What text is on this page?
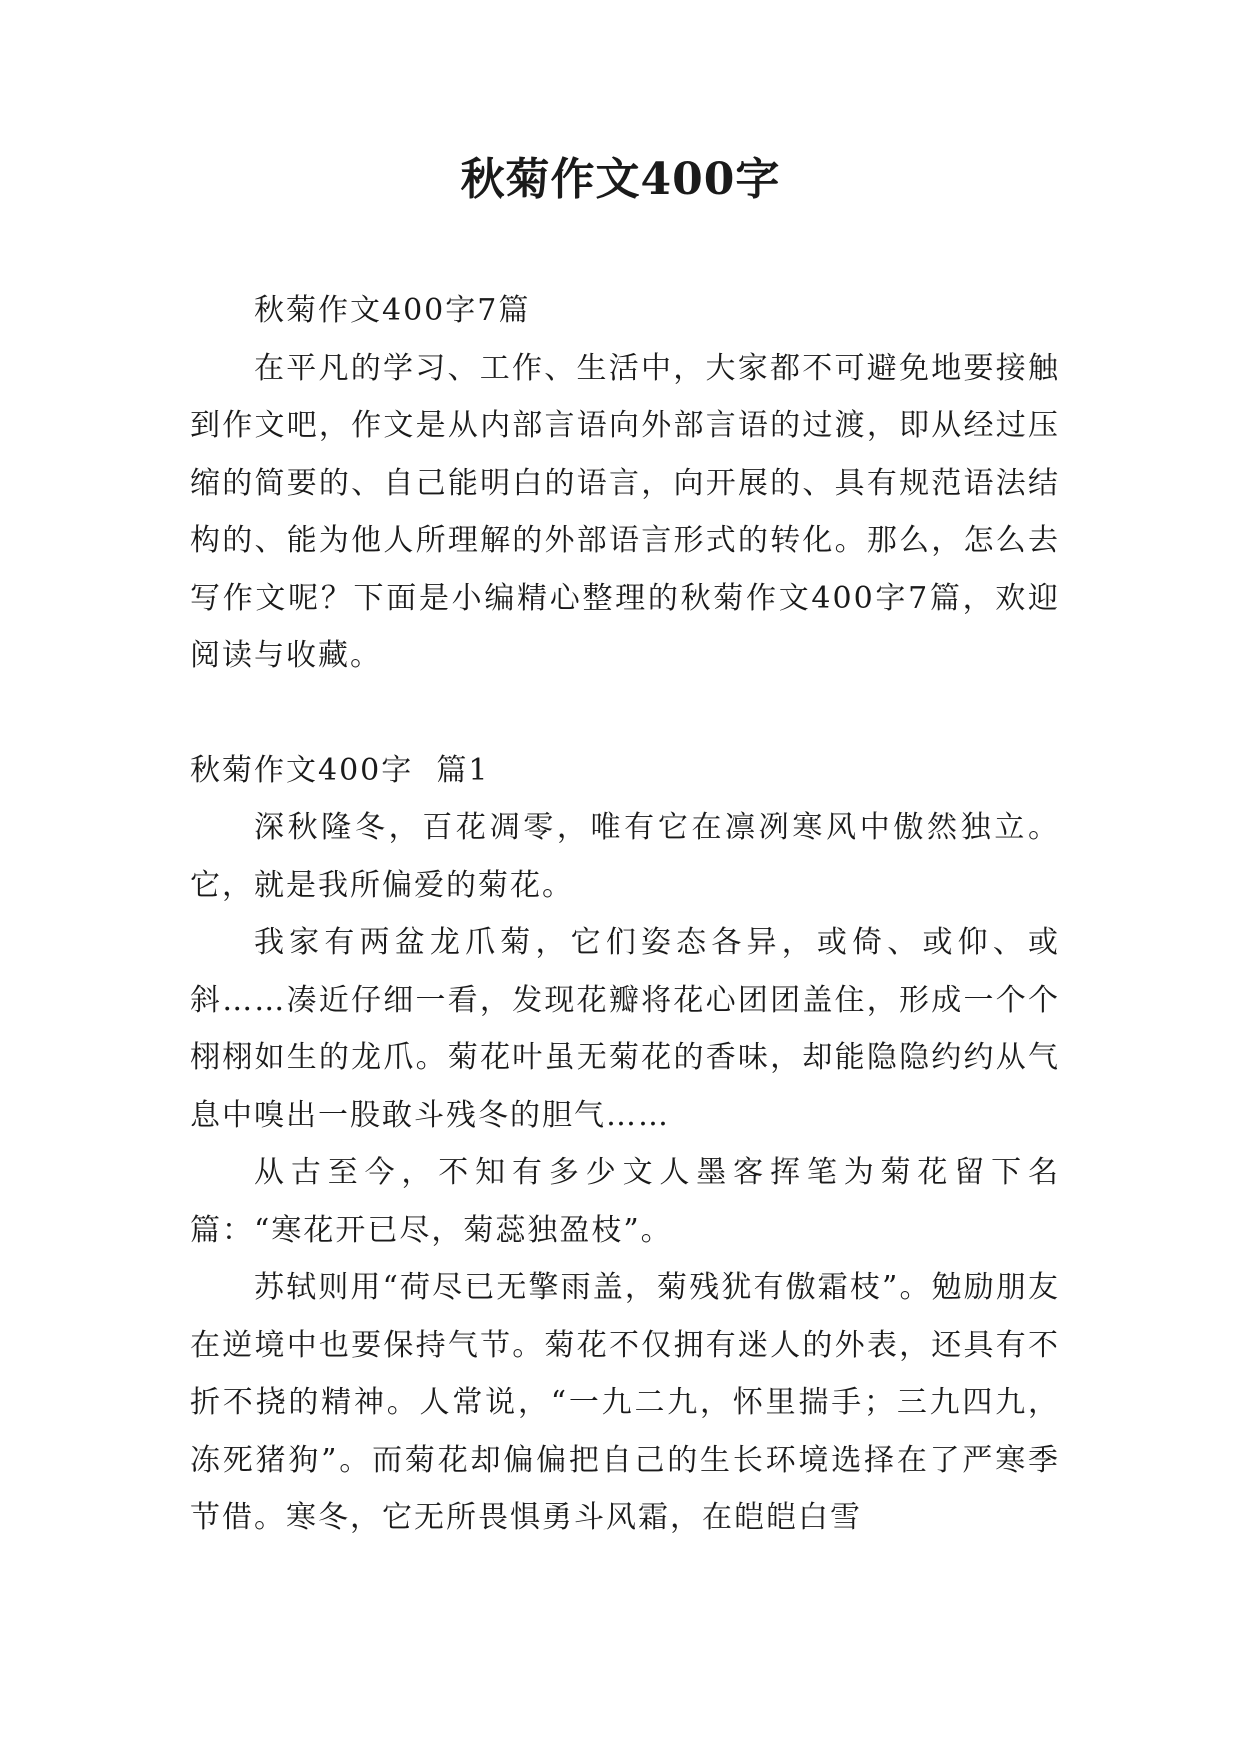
秋菊作文400字

秋菊作文400字7篇

在平凡的学习、工作、生活中，大家都不可避免地要接触到作文吧，作文是从内部言语向外部言语的过渡，即从经过压缩的简要的、自己能明白的语言，向开展的、具有规范语法结构的、能为他人所理解的外部语言形式的转化。那么，怎么去写作文呢？下面是小编精心整理的秋菊作文400字7篇，欢迎阅读与收藏。

秋菊作文400字  篇1

深秋隆冬，百花凋零，唯有它在凛冽寒风中傲然独立。它，就是我所偏爱的菊花。

我家有两盆龙爪菊，它们姿态各异，或倚、或仰、或斜……凑近仔细一看，发现花瓣将花心团团盖住，形成一个个栩栩如生的龙爪。菊花叶虽无菊花的香味，却能隐隐约约从气息中嗅出一股敢斗残冬的胆气……

从古至今，不知有多少文人墨客挥笔为菊花留下名篇：“寒花开已尽，菊蕊独盈枝”。

苏轼则用“荷尽已无擎雨盖，菊残犹有傲霜枝”。勉励朋友在逆境中也要保持气节。菊花不仅拥有迷人的外表，还具有不折不挠的精神。人常说，“一九二九，怀里揣手；三九四九，冻死猪狗”。而菊花却偏偏把自己的生长环境选择在了严寒季节借。寒冬，它无所畏惧勇斗风霜，在皑皑白雪
